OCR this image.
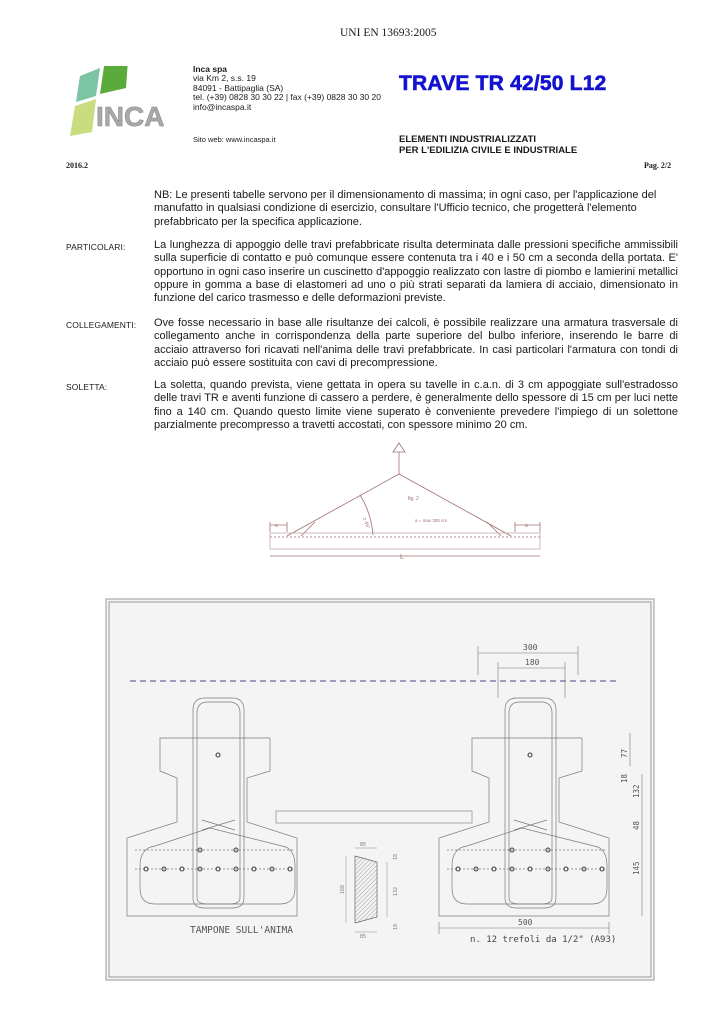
UNI EN 13693:2005
INCA
Inca spa
via Km 2, s.s. 19
84091 - Battipaglia (SA)
tel. (+39) 0828 30 30 22 | fax (+39) 0828 30 30 20
info@incaspa.it
Sito web: www.incaspa.it
TRAVE TR 42/50 L12
ELEMENTI INDUSTRIALIZZATI
PER L'EDILIZIA CIVILE E INDUSTRIALE
2016.2	Pag. 2/2
NB: Le presenti tabelle servono per il dimensionamento di massima; in ogni caso, per l'applicazione del manufatto in qualsiasi condizione di esercizio, consultare l'Ufficio tecnico, che progetterà l'elemento prefabbricato per la specifica applicazione.
PARTICOLARI:	La lunghezza di appoggio delle travi prefabbricate risulta determinata dalle pressioni specifiche ammissibili sulla superficie di contatto e può comunque essere contenuta tra i 40 e i 50 cm a seconda della portata. E' opportuno in ogni caso inserire un cuscinetto d'appoggio realizzato con lastre di piombo e lamierini metallici oppure in gomma a base di elastomeri ad uno o più strati separati da lamiera di acciaio, dimensionato in funzione del carico trasmesso e delle deformazioni previste.
COLLEGAMENTI: Ove fosse necessario in base alle risultanze dei calcoli, è possibile realizzare una armatura trasversale di collegamento anche in corrispondenza della parte superiore del bulbo inferiore, inserendo le barre di acciaio attraverso fori ricavati nell'anima delle travi prefabbricate. In casi particolari l'armatura con tondi di acciaio può essere sostituita con cavi di precompressione.
SOLETTA:	La soletta, quando prevista, viene gettata in opera su tavelle in c.a.n. di 3 cm appoggiate sull'estradosso delle travi TR e aventi funzione di cassero a perdere, è generalmente dello spessore di 15 cm per luci nette fino a 140 cm. Quando questo limite viene superato è conveniente prevedere l'impiego di un solettone parzialmente precompresso a travetti accostati, con spessore minimo 20 cm.
fig. 2
a = max 300 cm
≥ 45°
a	a
L
300
180
500
n. 12 trefoli da 1/2" (A93)
77
18
132
48
145
85
85
168
18
132
18
TAMPONE SULL'ANIMA
